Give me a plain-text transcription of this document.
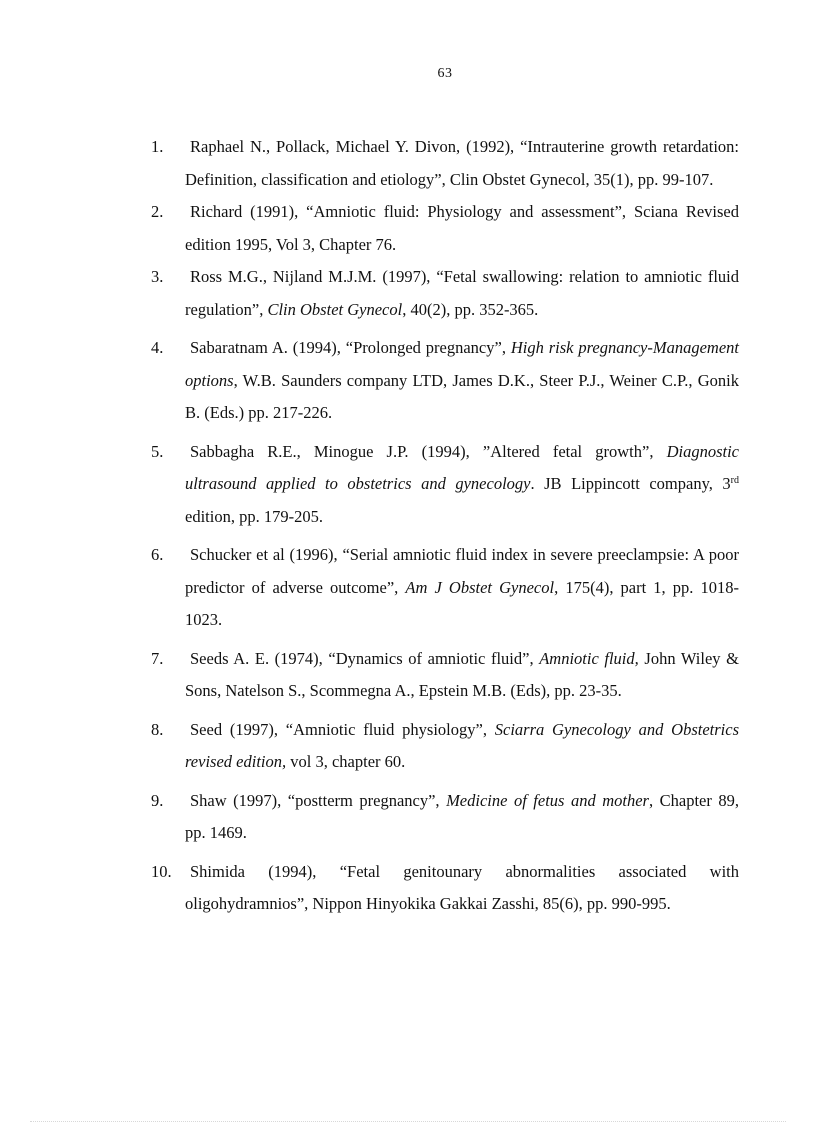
63
1.	Raphael N., Pollack, Michael Y. Divon, (1992), “Intrauterine growth retardation: Definition, classification and etiology”, Clin Obstet Gynecol, 35(1), pp. 99-107.
2.	Richard (1991), “Amniotic fluid: Physiology and assessment”, Sciana Revised edition 1995, Vol 3, Chapter 76.
3.	Ross M.G., Nijland M.J.M. (1997), “Fetal swallowing: relation to amniotic fluid regulation”, Clin Obstet Gynecol, 40(2), pp. 352-365.
4.	Sabaratnam A. (1994), “Prolonged pregnancy”, High risk pregnancy-Management options, W.B. Saunders company LTD, James D.K., Steer P.J., Weiner C.P., Gonik B. (Eds.) pp. 217-226.
5.	Sabbagha R.E., Minogue J.P. (1994), ”Altered fetal growth”, Diagnostic ultrasound applied to obstetrics and gynecology. JB Lippincott company, 3rd edition, pp. 179-205.
6.	Schucker et al (1996), “Serial amniotic fluid index in severe preeclampsie: A poor predictor of adverse outcome”, Am J Obstet Gynecol, 175(4), part 1, pp. 1018-1023.
7.	Seeds A. E. (1974), “Dynamics of amniotic fluid”, Amniotic fluid, John Wiley & Sons, Natelson S., Scommegna A., Epstein M.B. (Eds), pp. 23-35.
8.	Seed (1997), “Amniotic fluid physiology”, Sciarra Gynecology and Obstetrics revised edition, vol 3, chapter 60.
9.	Shaw (1997), “postterm pregnancy”, Medicine of fetus and mother, Chapter 89, pp. 1469.
10.	Shimida (1994), “Fetal genitounary abnormalities associated with oligohydramnios”, Nippon Hinyokika Gakkai Zasshi, 85(6), pp. 990-995.
